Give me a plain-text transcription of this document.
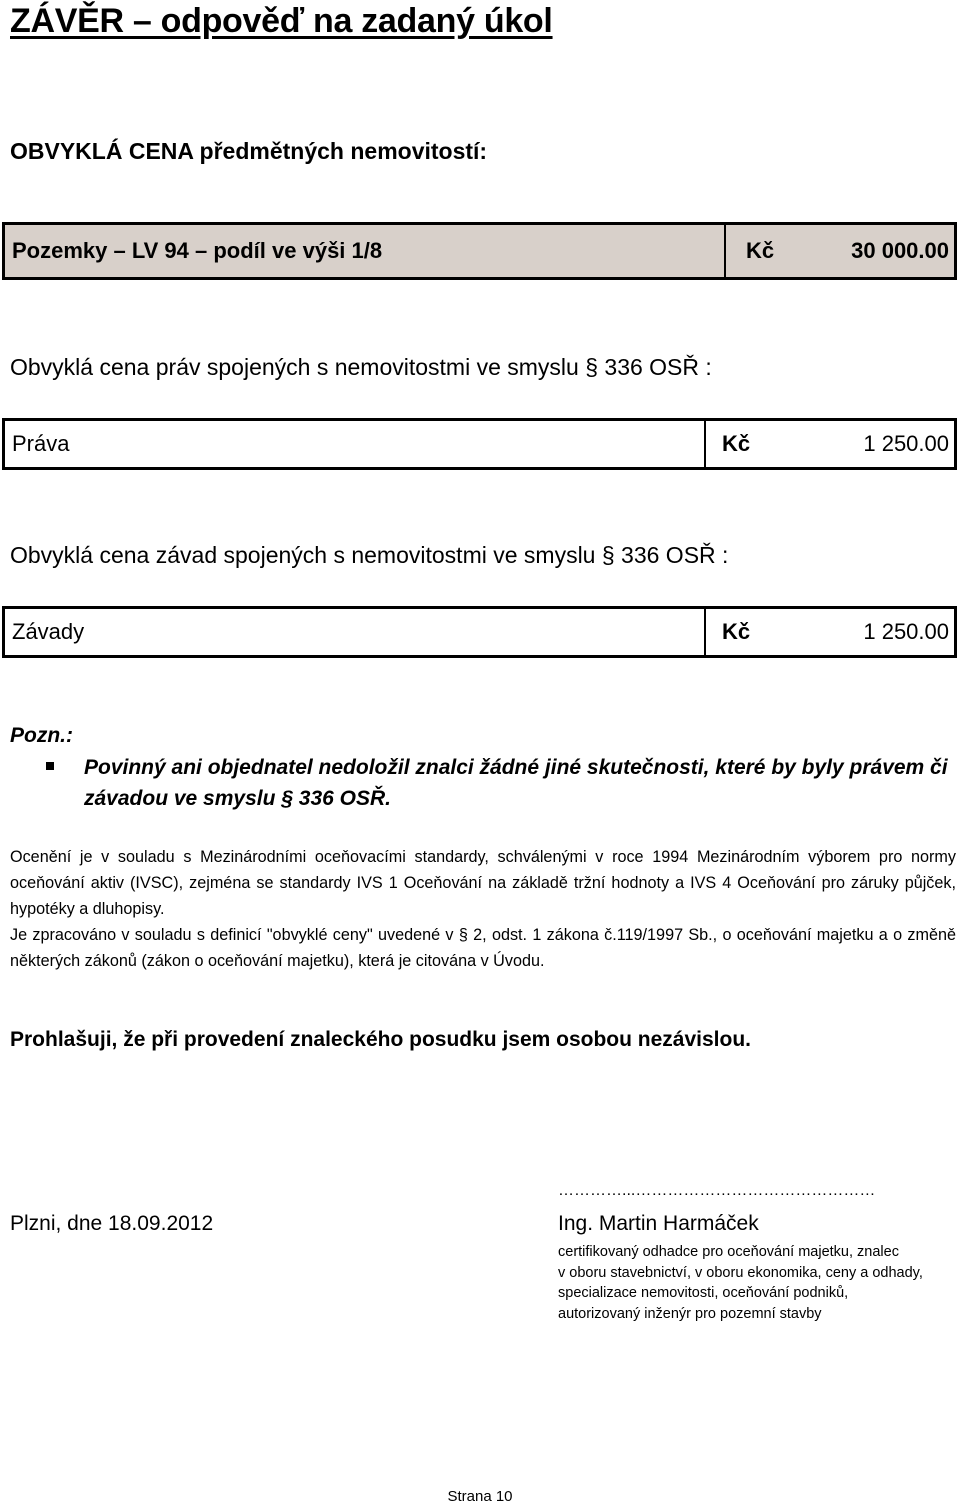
ZÁVĚR – odpověď na zadaný úkol
OBVYKLÁ CENA předmětných nemovitostí:
Pozemky – LV 94 – podíl ve výši 1/8	Kč	30 000.00
Obvyklá cena práv spojených s nemovitostmi ve smyslu § 336 OSŘ :
Práva	Kč	1 250.00
Obvyklá cena závad spojených s nemovitostmi ve smyslu § 336 OSŘ :
Závady	Kč	1 250.00
Pozn.:
Povinný ani objednatel nedoložil znalci žádné jiné skutečnosti, které by byly právem či závadou ve smyslu § 336 OSŘ.

Ocenění je v souladu s Mezinárodními oceňovacími standardy, schválenými v roce 1994 Mezinárodním výborem pro normy oceňování aktiv (IVSC), zejména se standardy IVS 1 Oceňování na základě tržní hodnoty a IVS 4 Oceňování pro záruky půjček, hypotéky a dluhopisy.

Je zpracováno v souladu s definicí "obvyklé ceny" uvedené v § 2, odst. 1 zákona č.119/1997 Sb., o oceňování majetku a o změně některých zákonů (zákon o oceňování majetku), která je citována v Úvodu.

Prohlašuji, že při provedení znaleckého posudku jsem osobou nezávislou.
Plzni, dne 18.09.2012
…………...………………………………………
Ing. Martin Harmáček
certifikovaný odhadce pro oceňování majetku, znalec
v oboru stavebnictví, v oboru ekonomika, ceny a odhady,
specializace nemovitosti, oceňování podniků,
autorizovaný inženýr pro pozemní stavby
Strana 10
